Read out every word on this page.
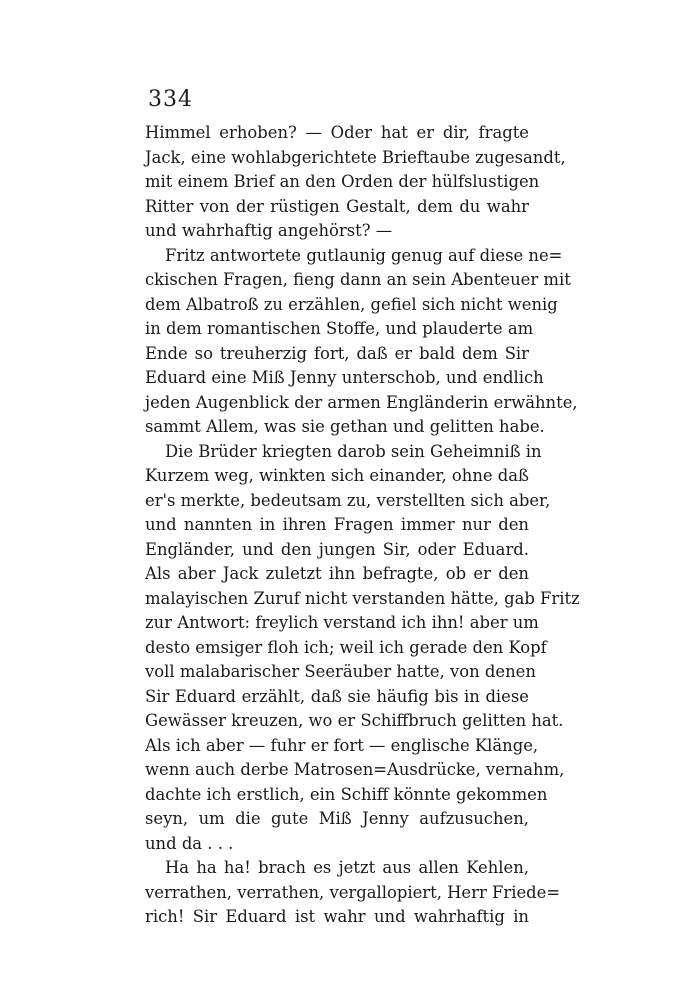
334
Himmel erhoben? — Oder hat er dir, fragte
Jack, eine wohlabgerichtete Brieftaube zugesandt,
mit einem Brief an den Orden der hülfslustigen
Ritter von der rüstigen Gestalt, dem du wahr
und wahrhaftig angehörst? —
Fritz antwortete gutlaunig genug auf diese ne=
ckischen Fragen, fieng dann an sein Abenteuer mit
dem Albatroß zu erzählen, gefiel sich nicht wenig
in dem romantischen Stoffe, und plauderte am
Ende so treuherzig fort, daß er bald dem Sir
Eduard eine Miß Jenny unterschob, und endlich
jeden Augenblick der armen Engländerin erwähnte,
sammt Allem, was sie gethan und gelitten habe.
Die Brüder kriegten darob sein Geheimniß in
Kurzem weg, winkten sich einander, ohne daß
er's merkte, bedeutsam zu, verstellten sich aber,
und nannten in ihren Fragen immer nur den
Engländer, und den jungen Sir, oder Eduard.
Als aber Jack zuletzt ihn befragte, ob er den
malayischen Zuruf nicht verstanden hätte, gab Fritz
zur Antwort: freylich verstand ich ihn! aber um
desto emsiger floh ich; weil ich gerade den Kopf
voll malabarischer Seeräuber hatte, von denen
Sir Eduard erzählt, daß sie häufig bis in diese
Gewässer kreuzen, wo er Schiffbruch gelitten hat.
Als ich aber — fuhr er fort — englische Klänge,
wenn auch derbe Matrosen=Ausdrücke, vernahm,
dachte ich erstlich, ein Schiff könnte gekommen
seyn, um die gute Miß Jenny aufzusuchen,
und da . . .
Ha ha ha! brach es jetzt aus allen Kehlen,
verrathen, verrathen, vergallopiert, Herr Friede=
rich! Sir Eduard ist wahr und wahrhaftig in
